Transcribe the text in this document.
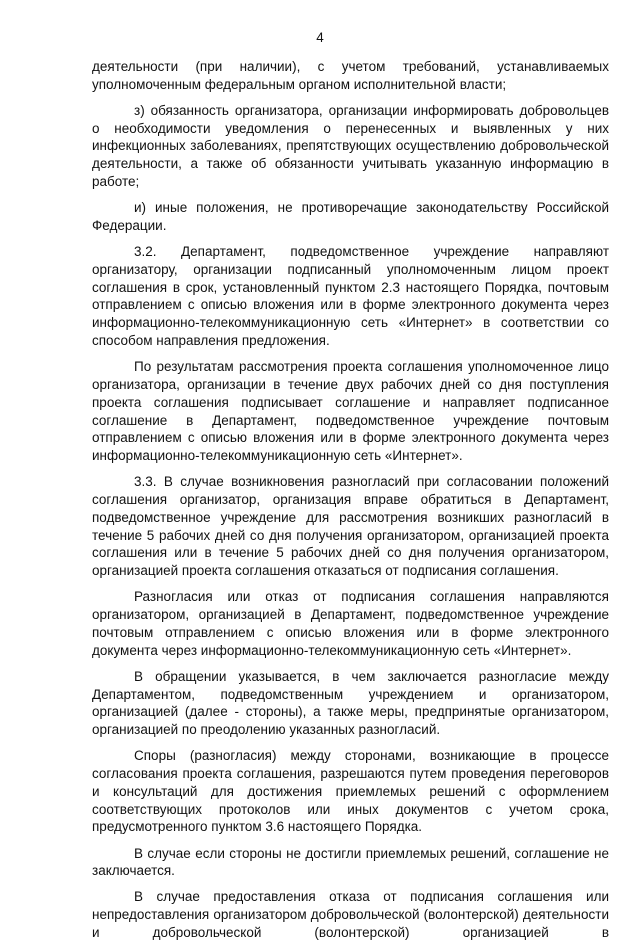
4

деятельности (при наличии), с учетом требований, устанавливаемых уполномоченным федеральным органом исполнительной власти;

з) обязанность организатора, организации информировать добровольцев о необходимости уведомления о перенесенных и выявленных у них инфекционных заболеваниях, препятствующих осуществлению добровольческой деятельности, а также об обязанности учитывать указанную информацию в работе;

и) иные положения, не противоречащие законодательству Российской Федерации.

3.2. Департамент, подведомственное учреждение направляют организатору, организации подписанный уполномоченным лицом проект соглашения в срок, установленный пунктом 2.3 настоящего Порядка, почтовым отправлением с описью вложения или в форме электронного документа через информационно-телекоммуникационную сеть «Интернет» в соответствии со способом направления предложения.

По результатам рассмотрения проекта соглашения уполномоченное лицо организатора, организации в течение двух рабочих дней со дня поступления проекта соглашения подписывает соглашение и направляет подписанное соглашение в Департамент, подведомственное учреждение почтовым отправлением с описью вложения или в форме электронного документа через информационно-телекоммуникационную сеть «Интернет».

3.3. В случае возникновения разногласий при согласовании положений соглашения организатор, организация вправе обратиться в Департамент, подведомственное учреждение для рассмотрения возникших разногласий в течение 5 рабочих дней со дня получения организатором, организацией проекта соглашения или в течение 5 рабочих дней со дня получения организатором, организацией проекта соглашения отказаться от подписания соглашения.

Разногласия или отказ от подписания соглашения направляются организатором, организацией в Департамент, подведомственное учреждение почтовым отправлением с описью вложения или в форме электронного документа через информационно-телекоммуникационную сеть «Интернет».

В обращении указывается, в чем заключается разногласие между Департаментом, подведомственным учреждением и организатором, организацией (далее - стороны), а также меры, предпринятые организатором, организацией по преодолению указанных разногласий.

Споры (разногласия) между сторонами, возникающие в процессе согласования проекта соглашения, разрешаются путем проведения переговоров и консультаций для достижения приемлемых решений с оформлением соответствующих протоколов или иных документов с учетом срока, предусмотренного пунктом 3.6 настоящего Порядка.

В случае если стороны не достигли приемлемых решений, соглашение не заключается.

В случае предоставления отказа от подписания соглашения или непредоставления организатором добровольческой (волонтерской) деятельности и добровольческой (волонтерской) организацией в
